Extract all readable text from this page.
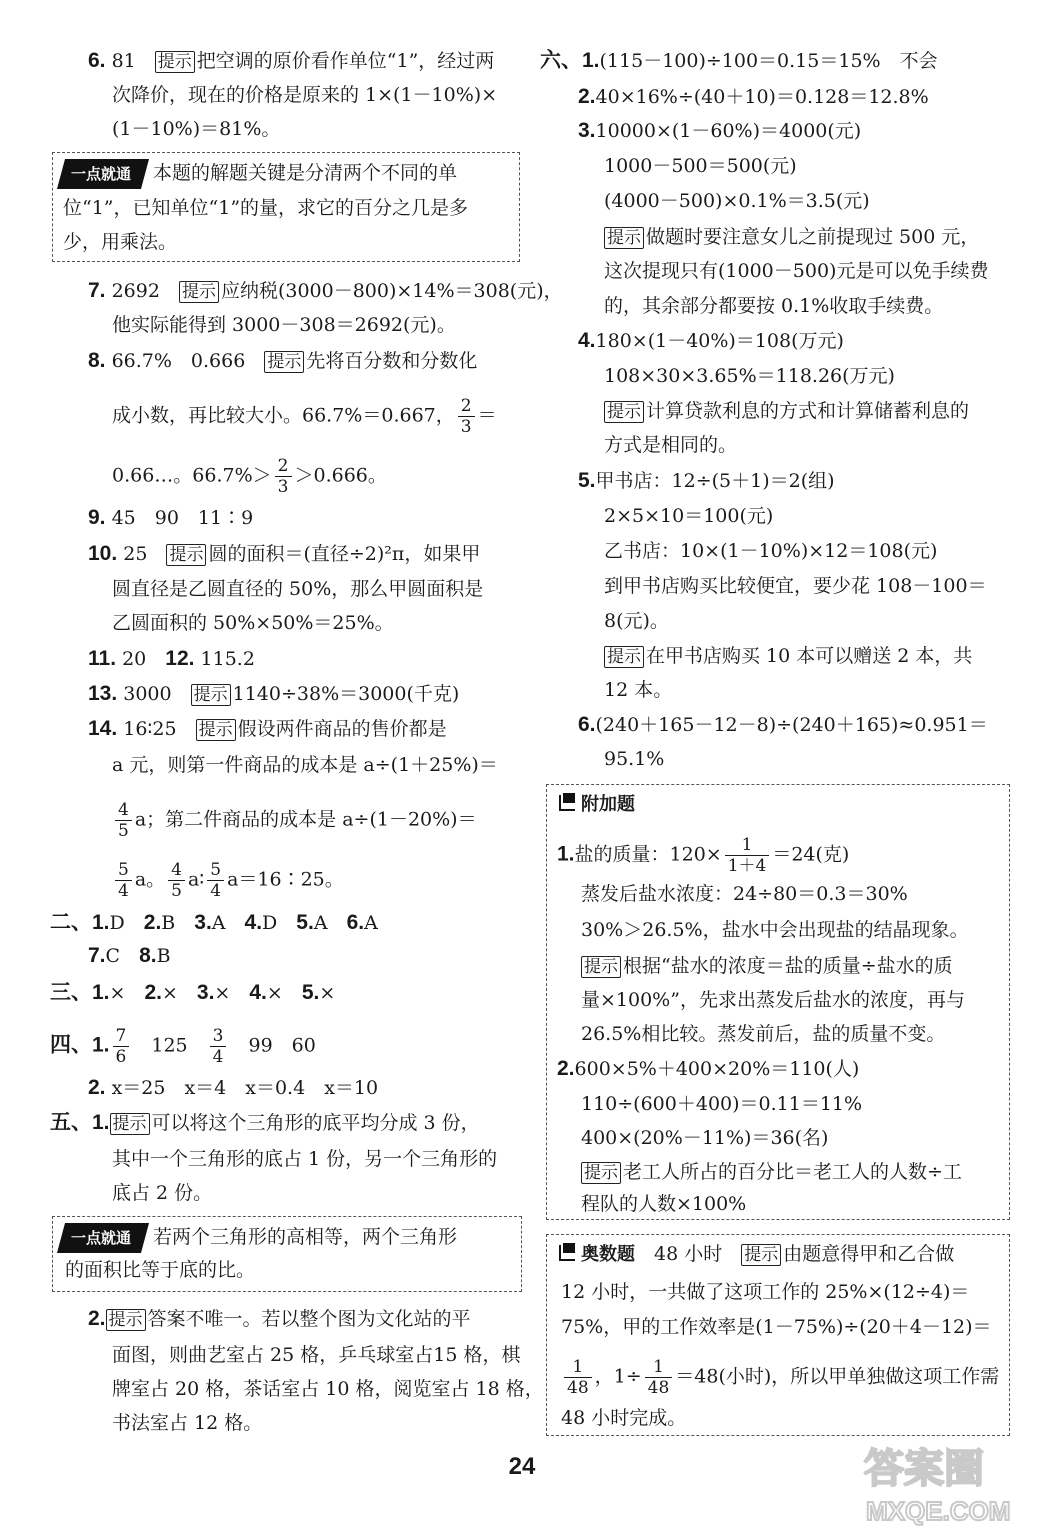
6. 81　 提示 把空调的原价看作单位“1”，经过两
次降价，现在的价格是原来的 1×(1－10%)×
(1－10%)＝81%。
一点就通 本题的解题关键是分清两个不同的单
位“1”，已知单位“1”的量，求它的百分之几是多
少，用乘法。
7. 2692　 提示 应纳税(3000－800)×14%＝308(元)，
他实际能得到 3000－308＝2692(元)。
8. 66.7%　0.666　 提示 先将百分数和分数化
成小数，再比较大小。66.7%＝0.667， $\frac{2}{3}$ ＝
0.66…。$66.7\%> \frac{2}{3} >0.666$。
9. 45　90　11∶9
10. 25　 提示 圆的面积＝(直径÷2)²π，如果甲
圆直径是乙圆直径的 50%，那么甲圆面积是
乙圆面积的 50%×50%＝25%。
11. 20　 12. 115.2
13. 3000　 提示 1140÷38%＝3000(千克)
14. 16∶25　 提示 假设两件商品的售价都是
a 元，则第一件商品的成本是 a÷(1＋25%)＝
$\frac{4}{5}$ a；第二件商品的成本是 a÷(1－20%)＝
$\frac{5}{4}$ a。 $\frac{4}{5}$ a∶ $\frac{5}{4}$ a＝16∶25。
二、1.D　 2.B　 3.A　 4.D　 5.A　 6.A
7.C　 8.B
三、1.×　 2.×　 3.×　 4.×　 5.×
四、1. $\frac{7}{6}$
　 125　 $\frac{3}{4}$
　 99　60
2. x＝25　x＝4　x＝0.4　x＝10
五、1. 提示 可以将这个三角形的底平均分成 3 份，
其中一个三角形的底占 1 份，另一个三角形的
底占 2 份。
一点就通 若两个三角形的高相等，两个三角形
的面积比等于底的比。
2. 提示 答案不唯一。若以整个图为文化站的平
面图，则曲艺室占 25 格，乒乓球室占15 格，棋
牌室占 20 格，茶话室占 10 格，阅览室占 18 格，
书法室占 12 格。
六、1.(115－100)÷100＝0.15＝15%　不会
2.40×16%÷(40＋10)＝0.128＝12.8%
3.10000×(1－60%)＝4000(元)
1000－500＝500(元)
(4000－500)×0.1%＝3.5(元)
提示 做题时要注意女儿之前提现过 500 元，
这次提现只有(1000－500)元是可以免手续费
的，其余部分都要按 0.1%收取手续费。
4.180×(1－40%)＝108(万元)
108×30×3.65%＝118.26(万元)
提示 计算贷款利息的方式和计算储蓄利息的
方式是相同的。
5.甲书店：12÷(5＋1)＝2(组)
2×5×10＝100(元)
乙书店：10×(1－10%)×12＝108(元)
到甲书店购买比较便宜，要少花 108－100＝
8(元)。
提示 在甲书店购买 10 本可以赠送 2 本，共
12 本。
6.(240＋165－12－8)÷(240＋165)≈0.951＝
95.1%
附加题
1.盐的质量：$120\times \frac{1}{1+4} =24$(克)
蒸发后盐水浓度：24÷80＝0.3＝30%
30%＞26.5%，盐水中会出现盐的结晶现象。
提示 根据“盐水的浓度＝盐的质量÷盐水的质
量×100%”，先求出蒸发后盐水的浓度，再与
26.5%相比较。蒸发前后，盐的质量不变。
2.600×5%＋400×20%＝110(人)
110÷(600＋400)＝0.11＝11%
400×(20%－11%)＝36(名)
提示 老工人所占的百分比＝老工人的人数÷工
程队的人数×100%
奥数题　 48 小时　 提示 由题意得甲和乙合做
12 小时，一共做了这项工作的 25%×(12÷4)＝
75%，甲的工作效率是(1－75%)÷(20＋4－12)＝
$\frac{1}{48}$ ，$1\div \frac{1}{48} =48$(小时)，所以甲单独做这项工作需
48 小时完成。
24	答案圈
MXQE.COM
